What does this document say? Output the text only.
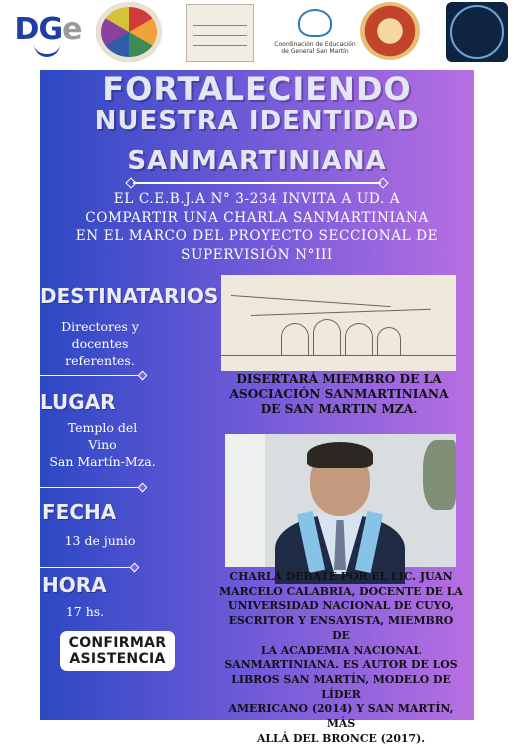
DGe	Coordinación de Educación de General San Martín
FORTALECIENDO
NUESTRA IDENTIDAD
SANMARTINIANA
EL C.E.B.J.A N° 3-234 INVITA A UD. A
COMPARTIR UNA CHARLA SANMARTINIANA
EN EL MARCO DEL PROYECTO SECCIONAL DE
SUPERVISIÓN N°III
DESTINATARIOS
Directores y
docentes
referentes.
LUGAR
Templo del
Vino
San Martín-Mza.
FECHA
13 de junio
HORA
17 hs.
CONFIRMAR
ASISTENCIA
DISERTARÁ MIEMBRO DE LA
ASOCIACIÓN SANMARTINIANA
DE SAN MARTIN MZA.
CHARLA DEBATE POR EL LIC. JUAN
MARCELO CALABRIA, DOCENTE DE LA
UNIVERSIDAD NACIONAL DE CUYO,
ESCRITOR Y ENSAYISTA, MIEMBRO DE
LA ACADEMIA NACIONAL
SANMARTINIANA. ES AUTOR DE LOS
LIBROS SAN MARTÍN, MODELO DE LÍDER
AMERICANO (2014) Y SAN MARTÍN, MÁS
ALLÁ DEL BRONCE (2017).
